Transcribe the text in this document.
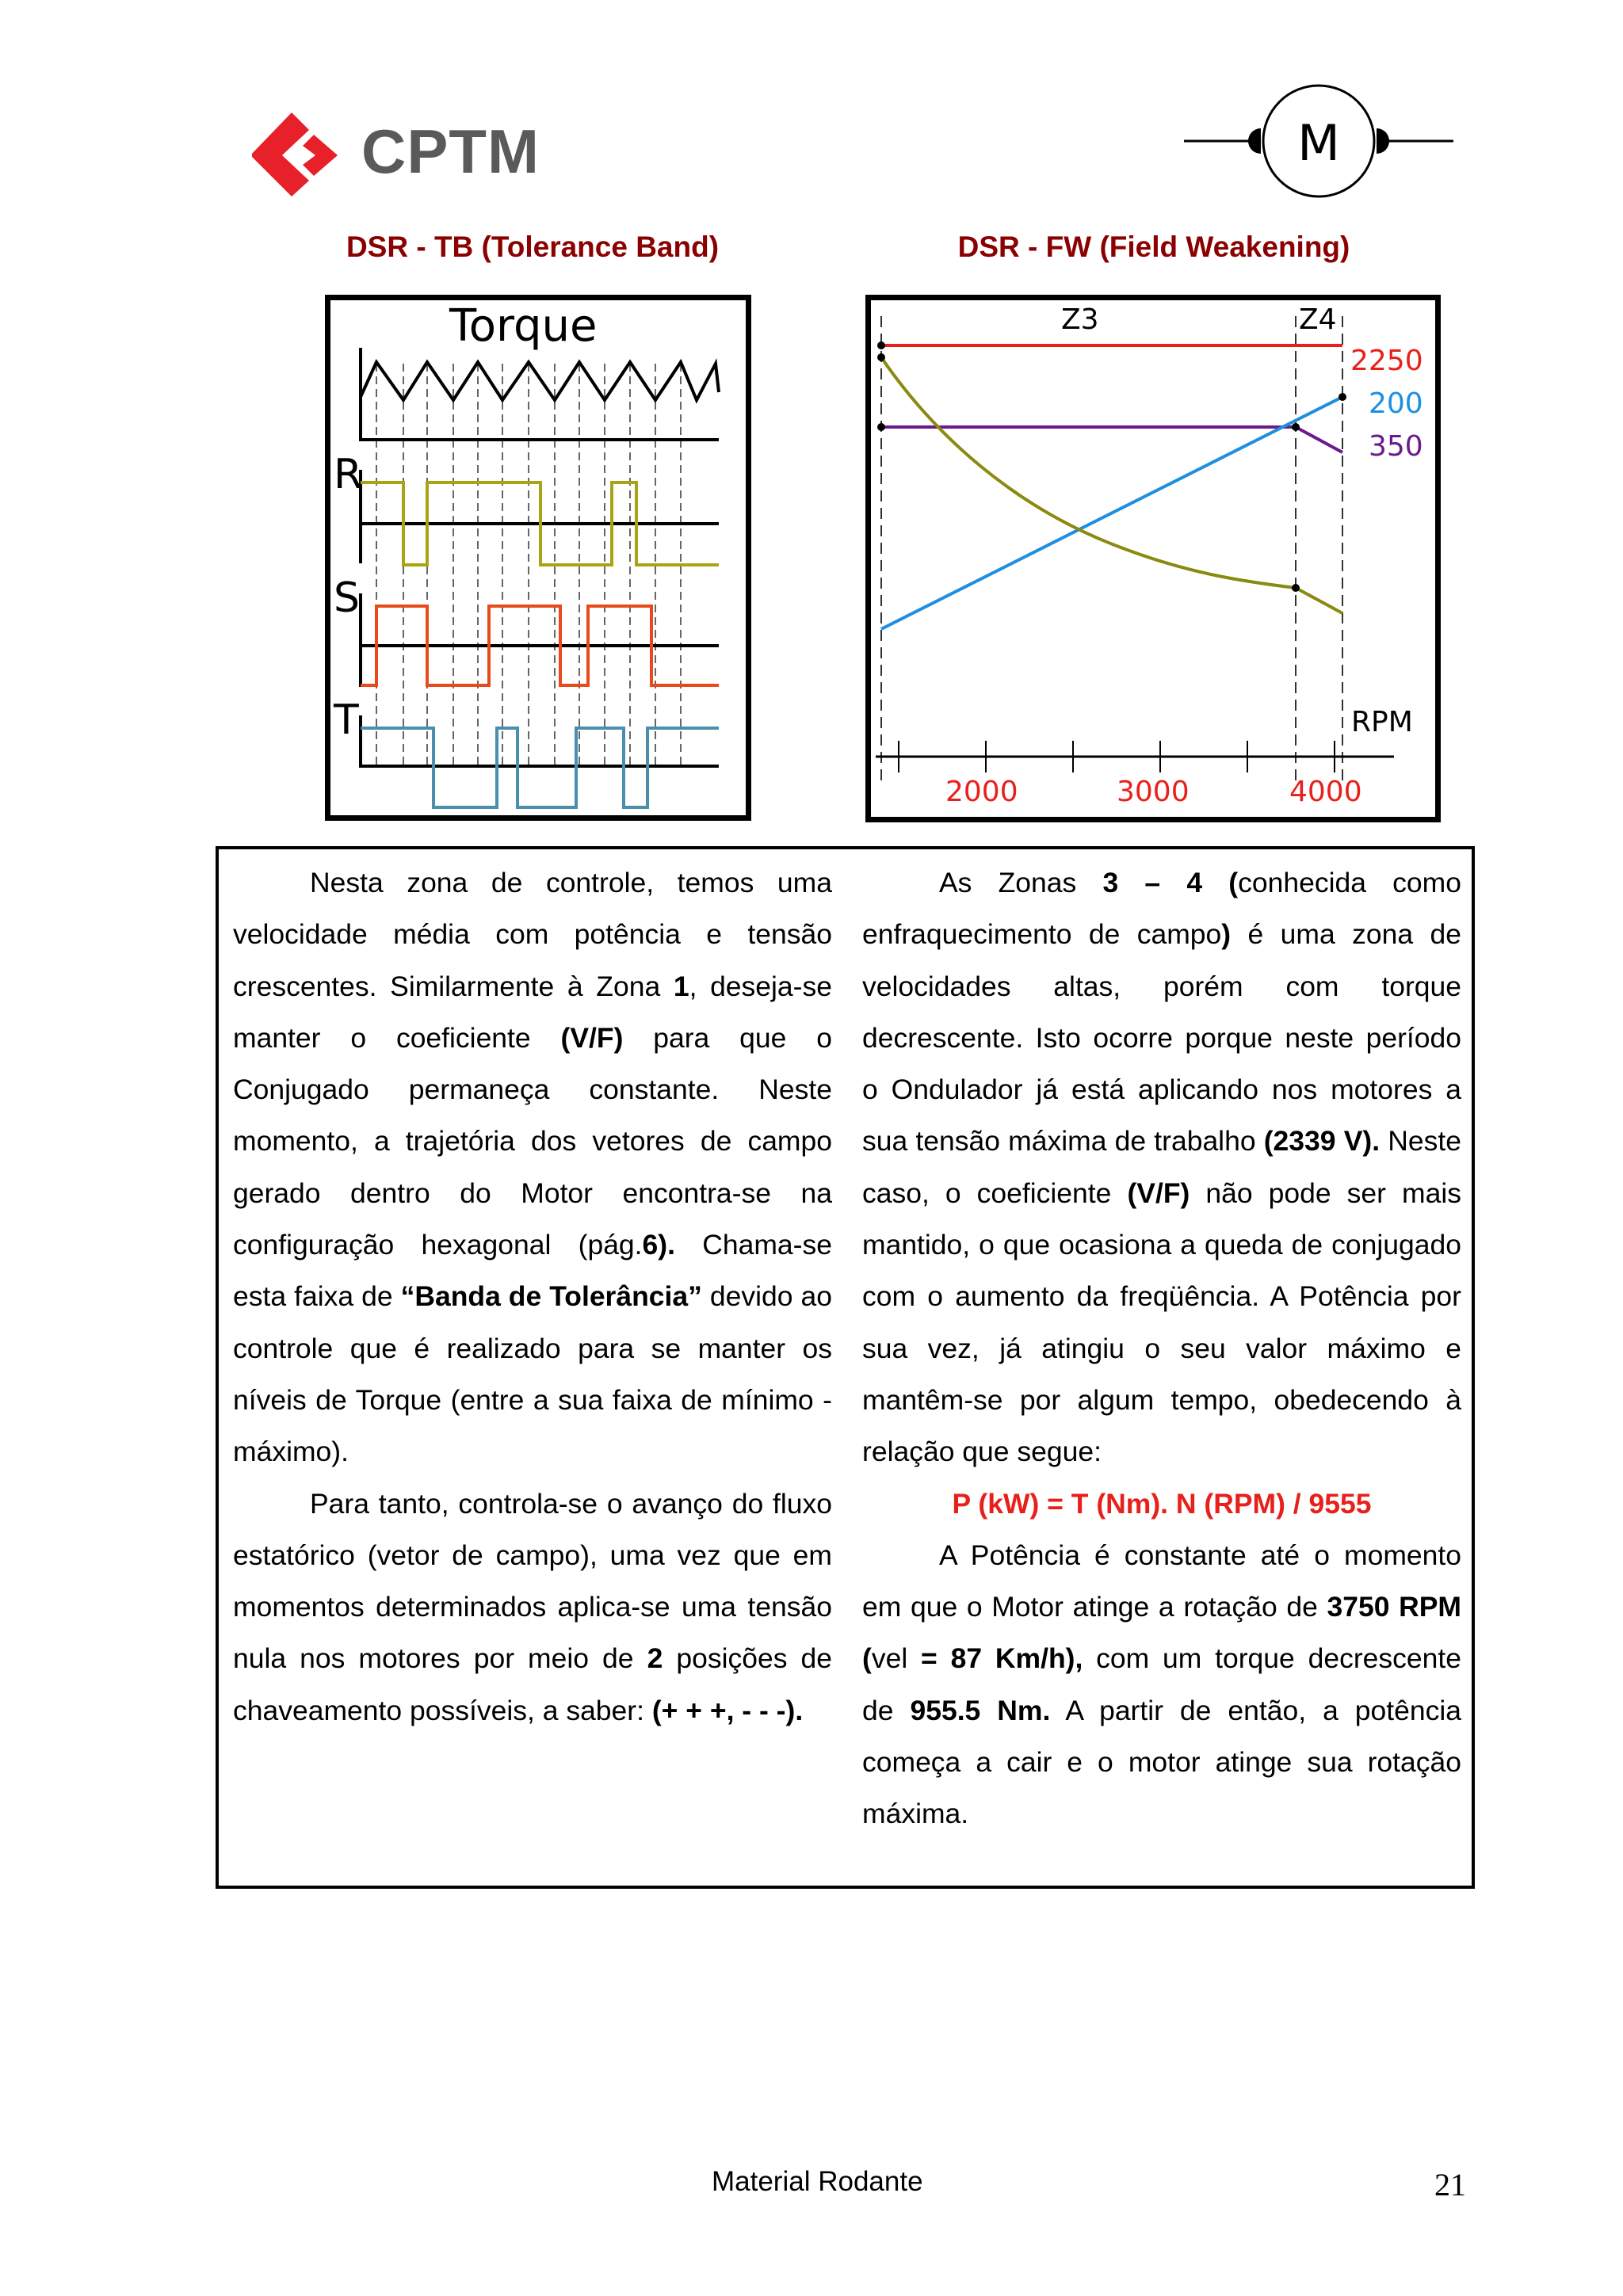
CPTM	M
DSR - TB (Tolerance Band)	DSR - FW (Field Weakening)
Torque
R
S
T
Z3	Z4
2250
200
350
RPM
2000	3000	4000

Nesta zona de controle, temos uma velocidade média com potência e tensão crescentes. Similarmente à Zona 1, deseja-se manter o coeficiente (V/F) para que o Conjugado permaneça constante. Neste momento, a trajetória dos vetores de campo gerado dentro do Motor encontra-se na configuração hexagonal (pág.6). Chama-se esta faixa de “Banda de Tolerância” devido ao controle que é realizado para se manter os níveis de Torque (entre a sua faixa de mínimo - máximo).

Para tanto, controla-se o avanço do fluxo estatórico (vetor de campo), uma vez que em momentos determinados aplica-se uma tensão nula nos motores por meio de 2 posições de chaveamento possíveis, a saber: (+ + +, - - -).

As Zonas 3 – 4 (conhecida como enfraquecimento de campo) é uma zona de velocidades altas, porém com torque decrescente. Isto ocorre porque neste período o Ondulador já está aplicando nos motores a sua tensão máxima de trabalho (2339 V). Neste caso, o coeficiente (V/F) não pode ser mais mantido, o que ocasiona a queda de conjugado com o aumento da freqüência. A Potência por sua vez, já atingiu o seu valor máximo e mantêm-se por algum tempo, obedecendo à relação que segue:

P (kW) = T (Nm). N (RPM) / 9555

A Potência é constante até o momento em que o Motor atinge a rotação de 3750 RPM (vel = 87 Km/h), com um torque decrescente de 955.5 Nm. A partir de então, a potência começa a cair e o motor atinge sua rotação máxima.

Material Rodante	21
